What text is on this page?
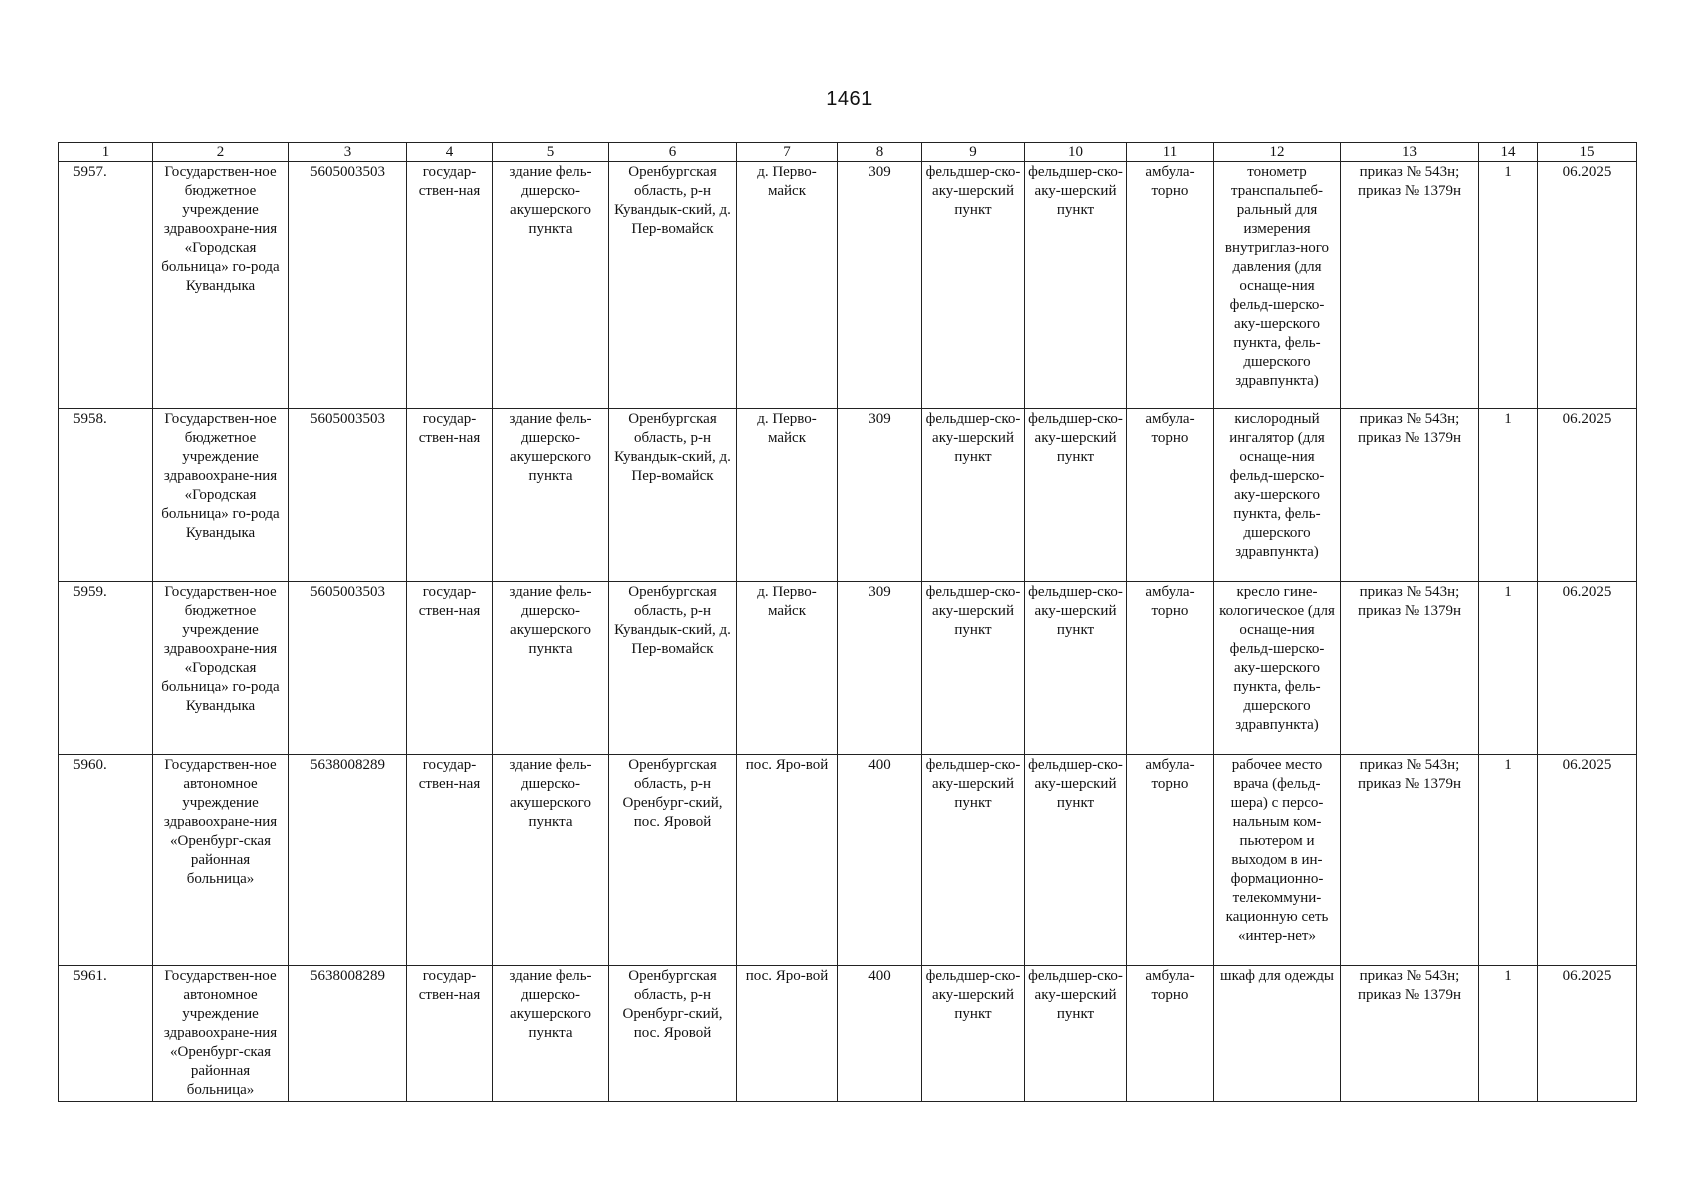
1461
1	2	3	4	5	6	7	8	9	10	11	12	13	14	15
5957.	Государствен-ное бюджетное учреждение здравоохране-ния «Городская больница» го-рода Кувандыка	5605003503	государ-ствен-ная	здание фель-дшерско-акушерского пункта	Оренбургская область, р-н Кувандык-ский, д. Пер-вомайск	д. Перво-майск	309	фельдшер-ско-аку-шерский пункт	фельдшер-ско-аку-шерский пункт	амбула-торно	тонометр транспальпеб-ральный для измерения внутриглаз-ного давления (для оснаще-ния фельд-шерско-аку-шерского пункта, фель-дшерского здравпункта)	приказ № 543н; приказ № 1379н	1	06.2025
5958.	Государствен-ное бюджетное учреждение здравоохране-ния «Городская больница» го-рода Кувандыка	5605003503	государ-ствен-ная	здание фель-дшерско-акушерского пункта	Оренбургская область, р-н Кувандык-ский, д. Пер-вомайск	д. Перво-майск	309	фельдшер-ско-аку-шерский пункт	фельдшер-ско-аку-шерский пункт	амбула-торно	кислородный ингалятор (для оснаще-ния фельд-шерско-аку-шерского пункта, фель-дшерского здравпункта)	приказ № 543н; приказ № 1379н	1	06.2025
5959.	Государствен-ное бюджетное учреждение здравоохране-ния «Городская больница» го-рода Кувандыка	5605003503	государ-ствен-ная	здание фель-дшерско-акушерского пункта	Оренбургская область, р-н Кувандык-ский, д. Пер-вомайск	д. Перво-майск	309	фельдшер-ско-аку-шерский пункт	фельдшер-ско-аку-шерский пункт	амбула-торно	кресло гине-кологическое (для оснаще-ния фельд-шерско-аку-шерского пункта, фель-дшерского здравпункта)	приказ № 543н; приказ № 1379н	1	06.2025
5960.	Государствен-ное автономное учреждение здравоохране-ния «Оренбург-ская районная больница»	5638008289	государ-ствен-ная	здание фель-дшерско-акушерского пункта	Оренбургская область, р-н Оренбург-ский, пос. Яровой	пос. Яро-вой	400	фельдшер-ско-аку-шерский пункт	фельдшер-ско-аку-шерский пункт	амбула-торно	рабочее место врача (фельд-шера) с персо-нальным ком-пьютером и выходом в ин-формационно-телекоммуни-кационную сеть «интер-нет»	приказ № 543н; приказ № 1379н	1	06.2025
5961.	Государствен-ное автономное учреждение здравоохране-ния «Оренбург-ская районная больница»	5638008289	государ-ствен-ная	здание фель-дшерско-акушерского пункта	Оренбургская область, р-н Оренбург-ский, пос. Яровой	пос. Яро-вой	400	фельдшер-ско-аку-шерский пункт	фельдшер-ско-аку-шерский пункт	амбула-торно	шкаф для одежды	приказ № 543н; приказ № 1379н	1	06.2025
